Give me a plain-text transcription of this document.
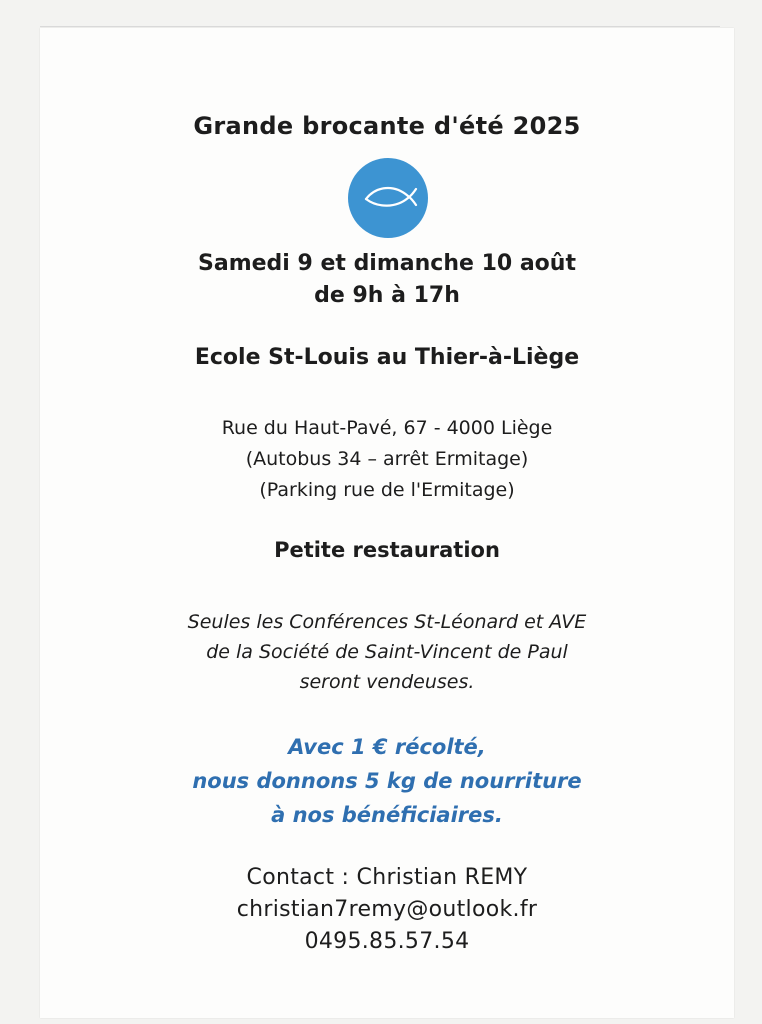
Grande brocante d'été 2025
Samedi 9 et dimanche 10 août
de 9h à 17h
Ecole St-Louis au Thier-à-Liège
Rue du Haut-Pavé, 67 - 4000 Liège
(Autobus 34 – arrêt Ermitage)
(Parking rue de l'Ermitage)
Petite restauration
Seules les Conférences St-Léonard et AVE
de la Société de Saint-Vincent de Paul
seront vendeuses.
Avec 1 € récolté,
nous donnons 5 kg de nourriture
à nos bénéficiaires.
Contact : Christian REMY
christian7remy@outlook.fr
0495.85.57.54
